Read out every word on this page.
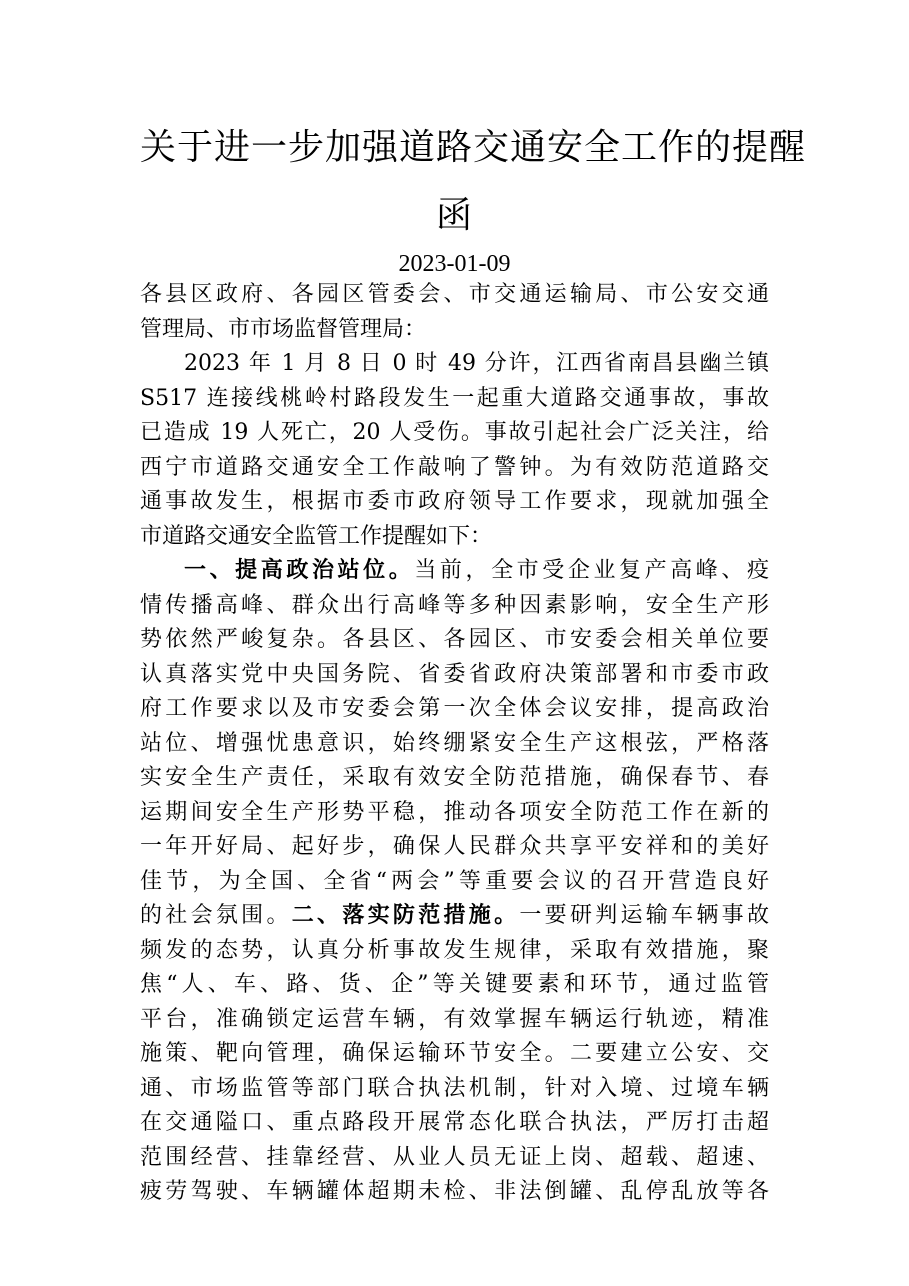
关于进一步加强道路交通安全工作的提醒
函
2023-01-09
各县区政府、各园区管委会、市交通运输局、市公安交通
管理局、市市场监督管理局：
2023 年 1 月 8 日 0 时 49 分许，江西省南昌县幽兰镇
S517 连接线桃岭村路段发生一起重大道路交通事故，事故
已造成 19 人死亡，20 人受伤。事故引起社会广泛关注，给
西宁市道路交通安全工作敲响了警钟。为有效防范道路交
通事故发生，根据市委市政府领导工作要求，现就加强全
市道路交通安全监管工作提醒如下：
一、提高政治站位。当前，全市受企业复产高峰、疫
情传播高峰、群众出行高峰等多种因素影响，安全生产形
势依然严峻复杂。各县区、各园区、市安委会相关单位要
认真落实党中央国务院、省委省政府决策部署和市委市政
府工作要求以及市安委会第一次全体会议安排，提高政治
站位、增强忧患意识，始终绷紧安全生产这根弦，严格落
实安全生产责任，采取有效安全防范措施，确保春节、春
运期间安全生产形势平稳，推动各项安全防范工作在新的
一年开好局、起好步，确保人民群众共享平安祥和的美好
佳节，为全国、全省“两会”等重要会议的召开营造良好
的社会氛围。二、落实防范措施。一要研判运输车辆事故
频发的态势，认真分析事故发生规律，采取有效措施，聚
焦“人、车、路、货、企”等关键要素和环节，通过监管
平台，准确锁定运营车辆，有效掌握车辆运行轨迹，精准
施策、靶向管理，确保运输环节安全。二要建立公安、交
通、市场监管等部门联合执法机制，针对入境、过境车辆
在交通隘口、重点路段开展常态化联合执法，严厉打击超
范围经营、挂靠经营、从业人员无证上岗、超载、超速、
疲劳驾驶、车辆罐体超期未检、非法倒罐、乱停乱放等各
